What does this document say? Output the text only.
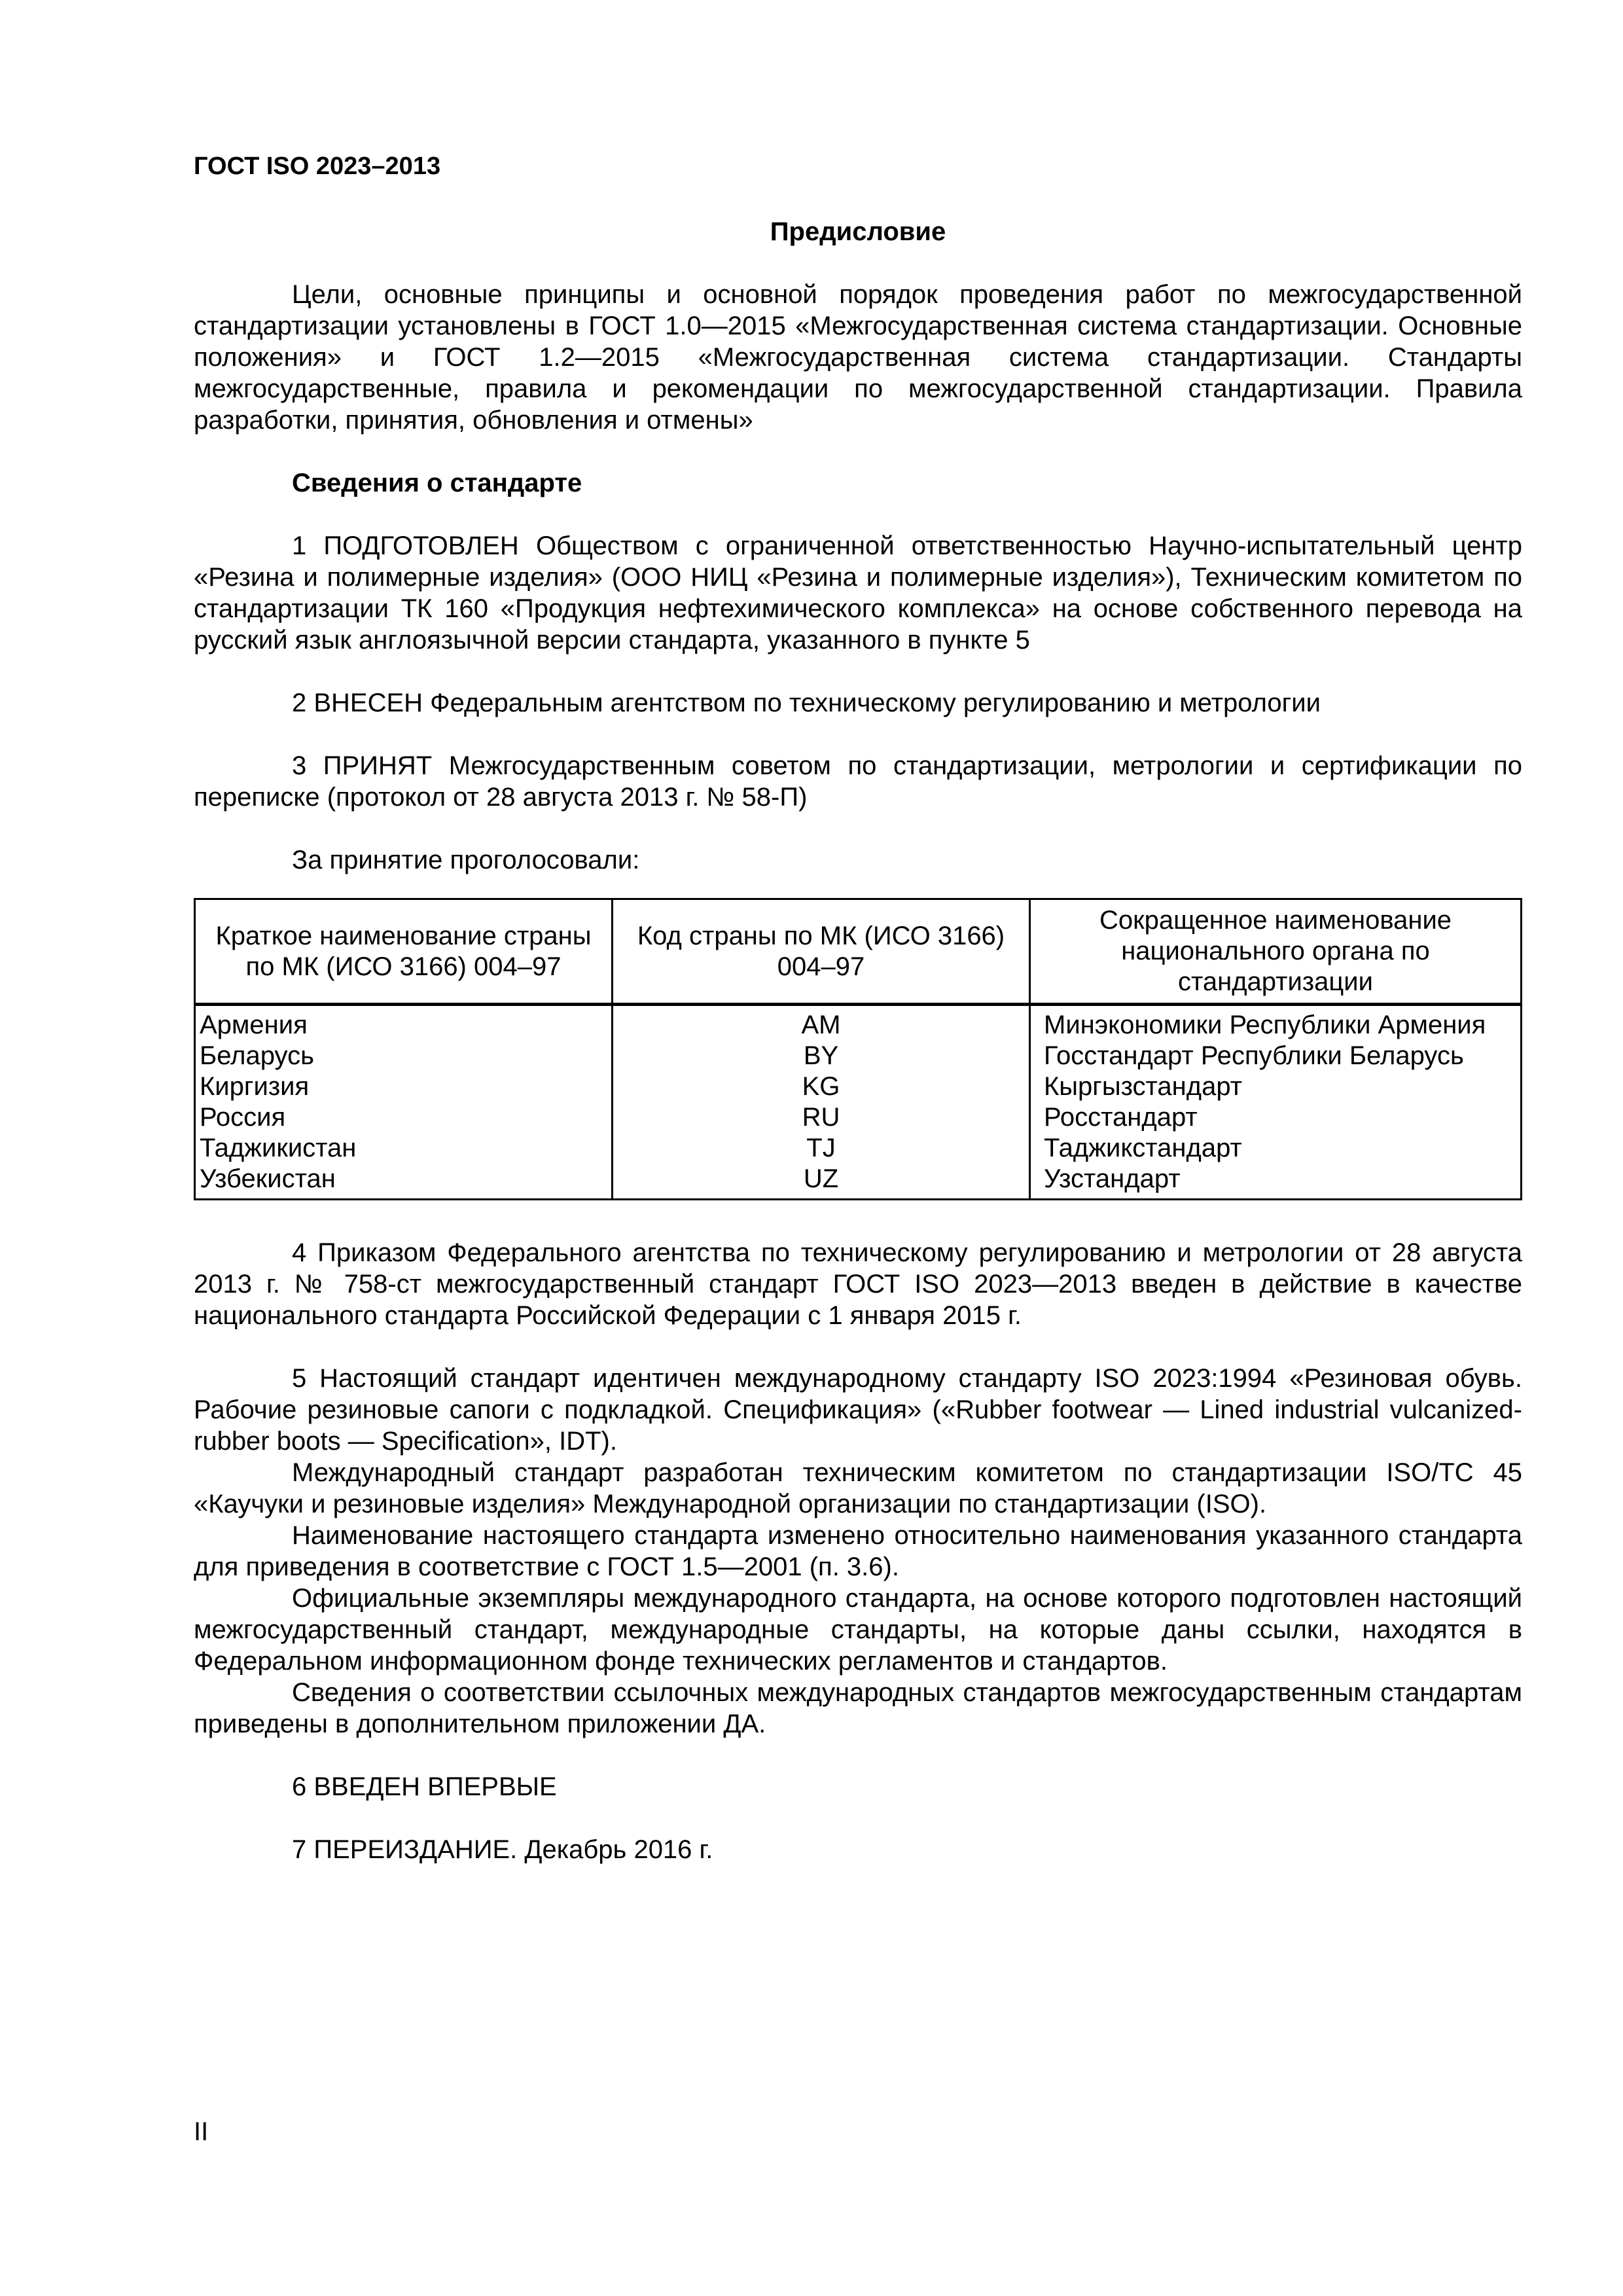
ГОСТ ISO 2023–2013
Предисловие

Цели, основные принципы и основной порядок проведения работ по межгосударственной стандартизации установлены в ГОСТ 1.0—2015 «Межгосударственная система стандартизации. Основные положения» и ГОСТ 1.2—2015 «Межгосударственная система стандартизации. Стандарты межгосударственные, правила и рекомендации по межгосударственной стандартизации. Правила разработки, принятия, обновления и отмены»

Сведения о стандарте

1 ПОДГОТОВЛЕН Обществом с ограниченной ответственностью Научно-испытательный центр «Резина и полимерные изделия» (ООО НИЦ «Резина и полимерные изделия»), Техническим комитетом по стандартизации ТК 160 «Продукция нефтехимического комплекса» на основе собственного перевода на русский язык англоязычной версии стандарта, указанного в пункте 5

2 ВНЕСЕН Федеральным агентством по техническому регулированию и метрологии

3 ПРИНЯТ Межгосударственным советом по стандартизации, метрологии и сертификации по переписке (протокол от 28 августа 2013 г. № 58-П)

За принятие проголосовали:

Краткое наименование страны по МК (ИСО 3166) 004–97	Код страны по МК (ИСО 3166) 004–97	Сокращенное наименование национального органа по стандартизации
Армения	AM	Минэкономики Республики Армения
Беларусь	BY	Госстандарт Республики Беларусь
Киргизия	KG	Кыргызстандарт
Россия	RU	Росстандарт
Таджикистан	TJ	Таджикстандарт
Узбекистан	UZ	Узстандарт

4 Приказом Федерального агентства по техническому регулированию и метрологии от 28 августа 2013 г. № 758-ст межгосударственный стандарт ГОСТ ISO 2023—2013 введен в действие в качестве национального стандарта Российской Федерации с 1 января 2015 г.

5 Настоящий стандарт идентичен международному стандарту ISO 2023:1994 «Резиновая обувь. Рабочие резиновые сапоги с подкладкой. Спецификация» («Rubber footwear — Lined industrial vulcanized-rubber boots — Specification», IDT).

Международный стандарт разработан техническим комитетом по стандартизации ISO/TC 45 «Каучуки и резиновые изделия» Международной организации по стандартизации (ISO).

Наименование настоящего стандарта изменено относительно наименования указанного стандарта для приведения в соответствие с ГОСТ 1.5—2001 (п. 3.6).

Официальные экземпляры международного стандарта, на основе которого подготовлен настоящий межгосударственный стандарт, международные стандарты, на которые даны ссылки, находятся в Федеральном информационном фонде технических регламентов и стандартов.

Сведения о соответствии ссылочных международных стандартов межгосударственным стандартам приведены в дополнительном приложении ДА.

6 ВВЕДЕН ВПЕРВЫЕ

7 ПЕРЕИЗДАНИЕ. Декабрь 2016 г.

II
